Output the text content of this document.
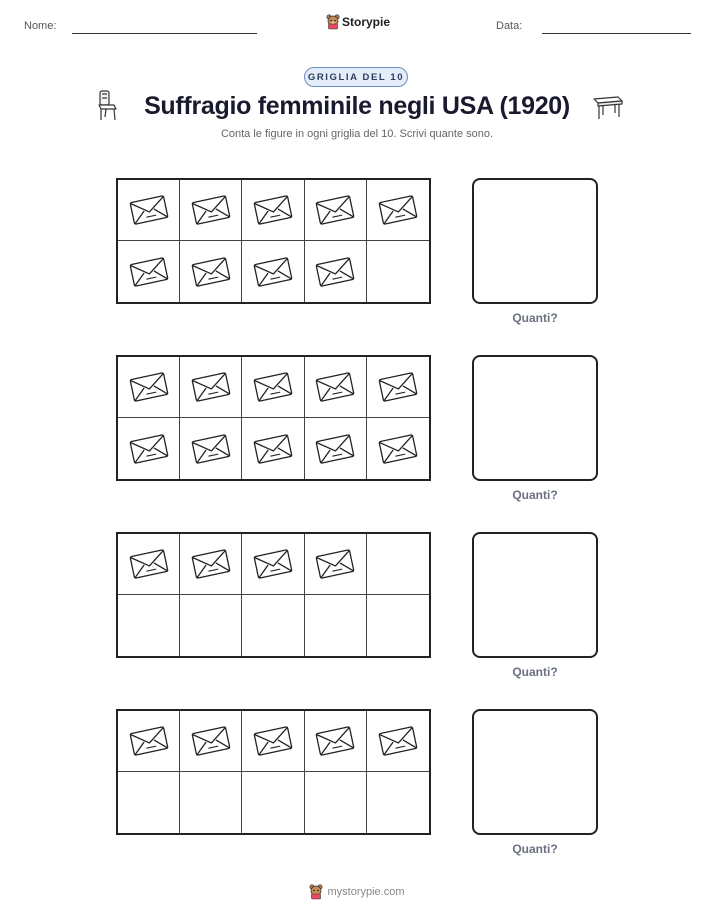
Nome:	Storypie	Data:
GRIGLIA DEL 10
Suffragio femminile negli USA (1920)
Conta le figure in ogni griglia del 10. Scrivi quante sono.
Quanti?
Quanti?
Quanti?
Quanti?
mystorypie.com
